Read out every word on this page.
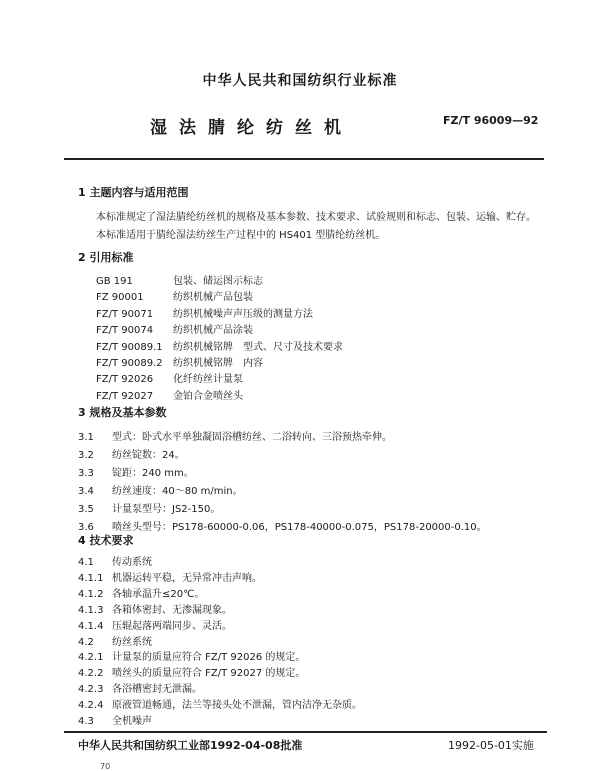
中华人民共和国纺织行业标准
湿法腈纶纺丝机	FZ/T 96009—92
1 主题内容与适用范围
本标准规定了湿法腈纶纺丝机的规格及基本参数、技术要求、试验规则和标志、包装、运输、贮存。
本标准适用于腈纶湿法纺丝生产过程中的 HS401 型腈纶纺丝机。
2 引用标准
GB 191	包装、储运图示标志
FZ 90001	纺织机械产品包装
FZ/T 90071 纺织机械噪声声压级的测量方法
FZ/T 90074 纺织机械产品涂装
FZ/T 90089.1 纺织机械铭牌　型式、尺寸及技术要求
FZ/T 90089.2 纺织机械铭牌　内容
FZ/T 92026 化纤纺丝计量泵
FZ/T 92027 金铂合金喷丝头
3 规格及基本参数
3.1 型式：卧式水平单独凝固浴槽纺丝、二浴转向、三浴预热牵伸。
3.2 纺丝锭数：24。
3.3 锭距：240 mm。
3.4 纺丝速度：40～80 m/min。
3.5 计量泵型号：JS2-150。
3.6 喷丝头型号：PS178-60000-0.06，PS178-40000-0.075，PS178-20000-0.10。
4 技术要求
4.1 传动系统
4.1.1 机器运转平稳，无异常冲击声响。
4.1.2 各轴承温升≤20℃。
4.1.3 各箱体密封、无渗漏现象。
4.1.4 压辊起落两端同步、灵活。
4.2 纺丝系统
4.2.1 计量泵的质量应符合 FZ/T 92026 的规定。
4.2.2 喷丝头的质量应符合 FZ/T 92027 的规定。
4.2.3 各浴槽密封无泄漏。
4.2.4 原液管道畅通，法兰等接头处不泄漏，管内洁净无杂质。
4.3 全机噪声
中华人民共和国纺织工业部1992-04-08批准	1992-05-01实施
70
